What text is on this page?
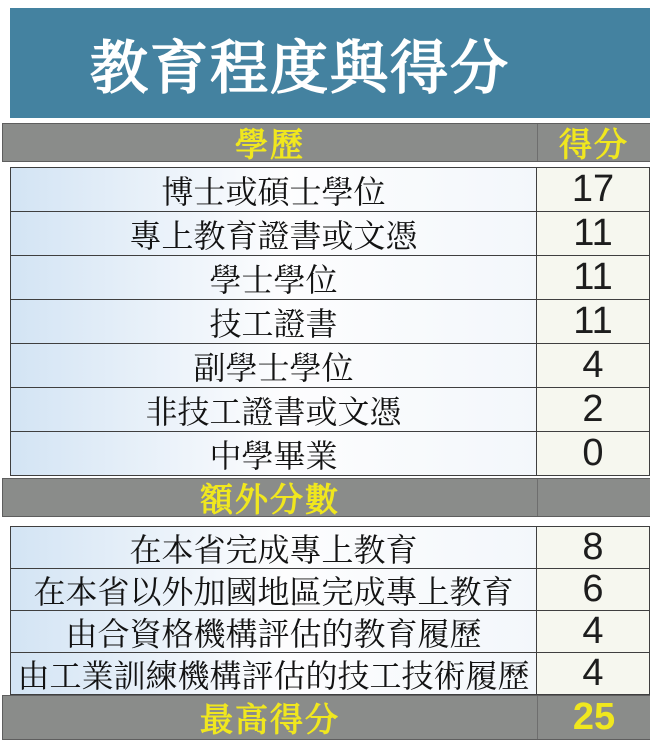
教育程度與得分
學歷	得分
博士或碩士學位	17
專上教育證書或文憑	11
學士學位	11
技工證書	11
副學士學位	4
非技工證書或文憑	2
中學畢業	0
額外分數
在本省完成專上教育	8
在本省以外加國地區完成專上教育	6
由合資格機構評估的教育履歷	4
由工業訓練機構評估的技工技術履歷	4
最高得分	25
